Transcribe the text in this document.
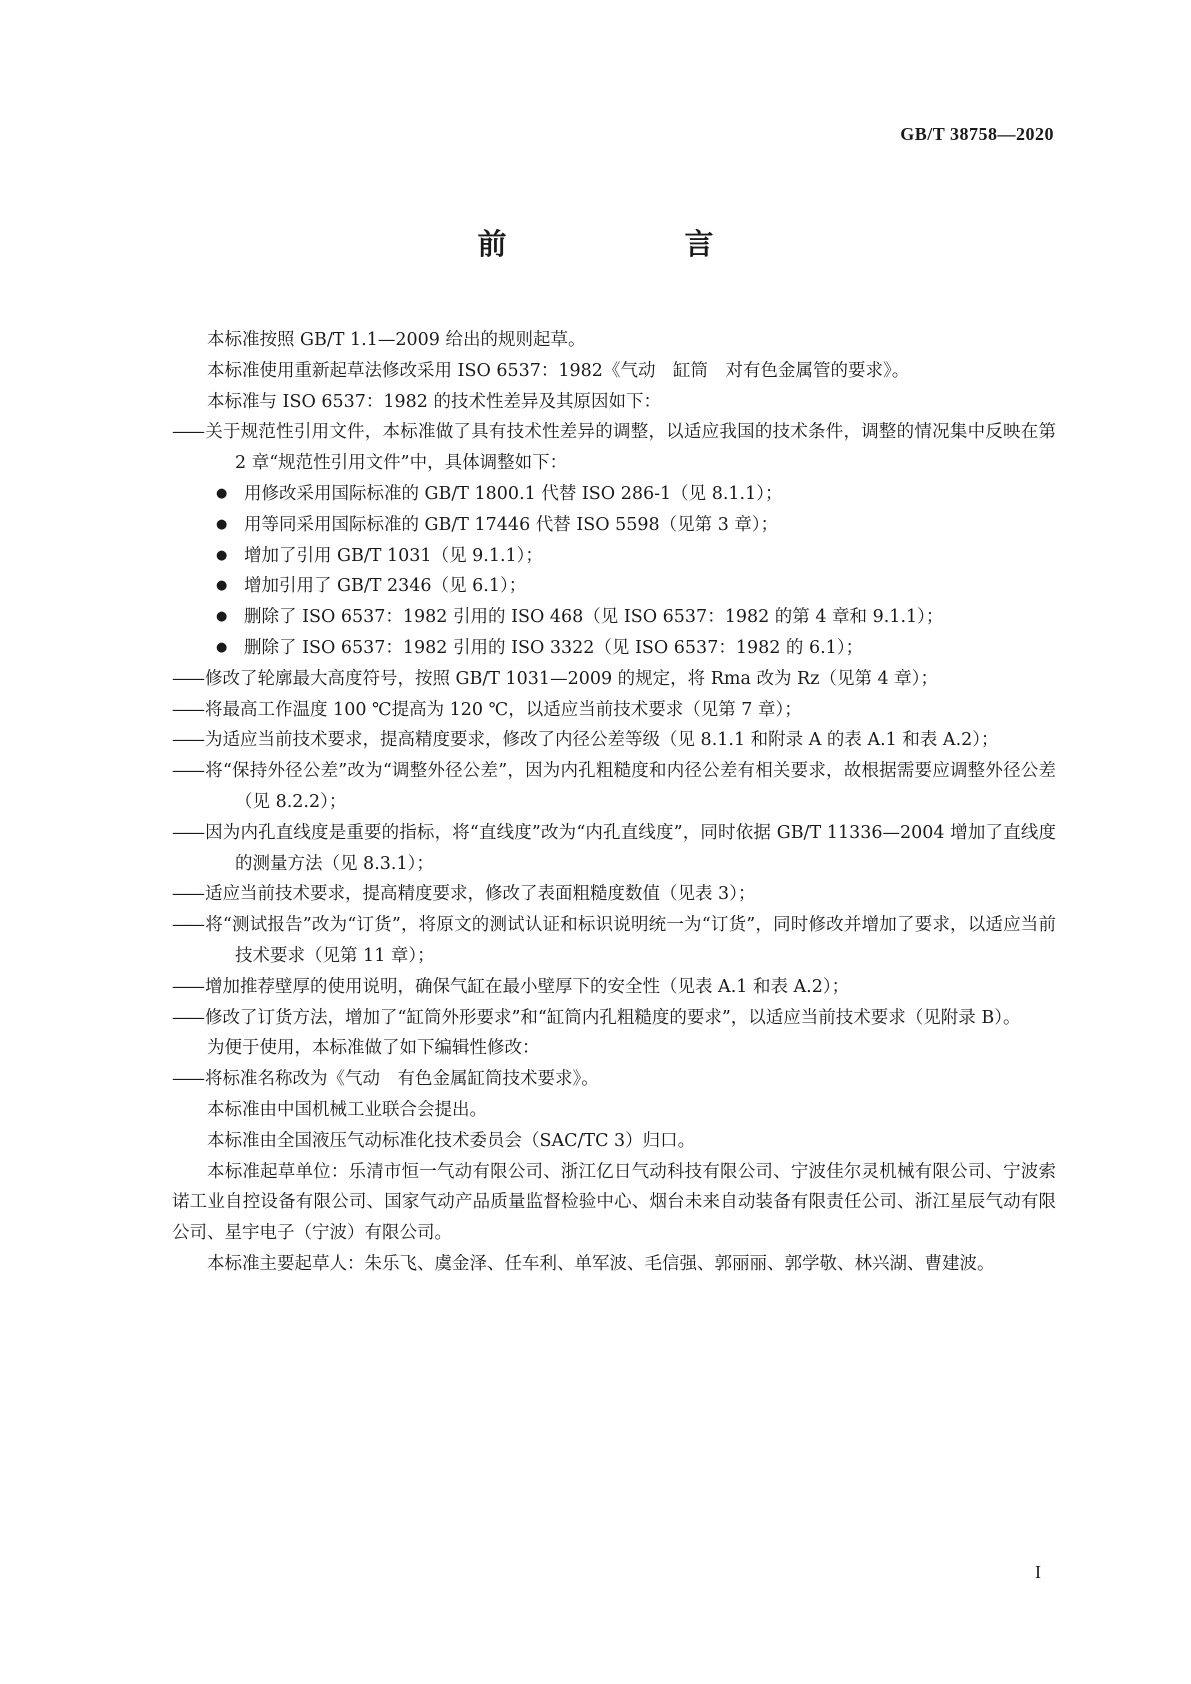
GB/T 38758—2020
前　　言

本标准按照 GB/T 1.1—2009 给出的规则起草。

本标准使用重新起草法修改采用 ISO 6537：1982《气动　缸筒　对有色金属管的要求》。

本标准与 ISO 6537：1982 的技术性差异及其原因如下：

—— 关于规范性引用文件，本标准做了具有技术性差异的调整，以适应我国的技术条件，调整的情况集中反映在第 2 章“规范性引用文件”中，具体调整如下：

● 用修改采用国际标准的 GB/T 1800.1 代替 ISO 286-1（见 8.1.1）；

● 用等同采用国际标准的 GB/T 17446 代替 ISO 5598（见第 3 章）；

● 增加了引用 GB/T 1031（见 9.1.1）；

● 增加引用了 GB/T 2346（见 6.1）；

● 删除了 ISO 6537：1982 引用的 ISO 468（见 ISO 6537：1982 的第 4 章和 9.1.1）；

● 删除了 ISO 6537：1982 引用的 ISO 3322（见 ISO 6537：1982 的 6.1）；

—— 修改了轮廓最大高度符号，按照 GB/T 1031—2009 的规定，将 Rma 改为 Rz（见第 4 章）；

—— 将最高工作温度 100 ℃提高为 120 ℃，以适应当前技术要求（见第 7 章）；

—— 为适应当前技术要求，提高精度要求，修改了内径公差等级（见 8.1.1 和附录 A 的表 A.1 和表 A.2）；

—— 将“保持外径公差”改为“调整外径公差”，因为内孔粗糙度和内径公差有相关要求，故根据需要应调整外径公差（见 8.2.2）；

—— 因为内孔直线度是重要的指标，将“直线度”改为“内孔直线度”，同时依据 GB/T 11336—2004 增加了直线度的测量方法（见 8.3.1）；

—— 适应当前技术要求，提高精度要求，修改了表面粗糙度数值（见表 3）；

—— 将“测试报告”改为“订货”，将原文的测试认证和标识说明统一为“订货”，同时修改并增加了要求，以适应当前技术要求（见第 11 章）；

—— 增加推荐壁厚的使用说明，确保气缸在最小壁厚下的安全性（见表 A.1 和表 A.2）；

—— 修改了订货方法，增加了“缸筒外形要求”和“缸筒内孔粗糙度的要求”，以适应当前技术要求（见附录 B）。

为便于使用，本标准做了如下编辑性修改：

—— 将标准名称改为《气动　有色金属缸筒技术要求》。

本标准由中国机械工业联合会提出。

本标准由全国液压气动标准化技术委员会（SAC/TC 3）归口。

本标准起草单位：乐清市恒一气动有限公司、浙江亿日气动科技有限公司、宁波佳尔灵机械有限公司、宁波索诺工业自控设备有限公司、国家气动产品质量监督检验中心、烟台未来自动装备有限责任公司、浙江星辰气动有限公司、星宇电子（宁波）有限公司。

本标准主要起草人：朱乐飞、虞金泽、任车利、单军波、毛信强、郭丽丽、郭学敬、林兴湖、曹建波。

I
